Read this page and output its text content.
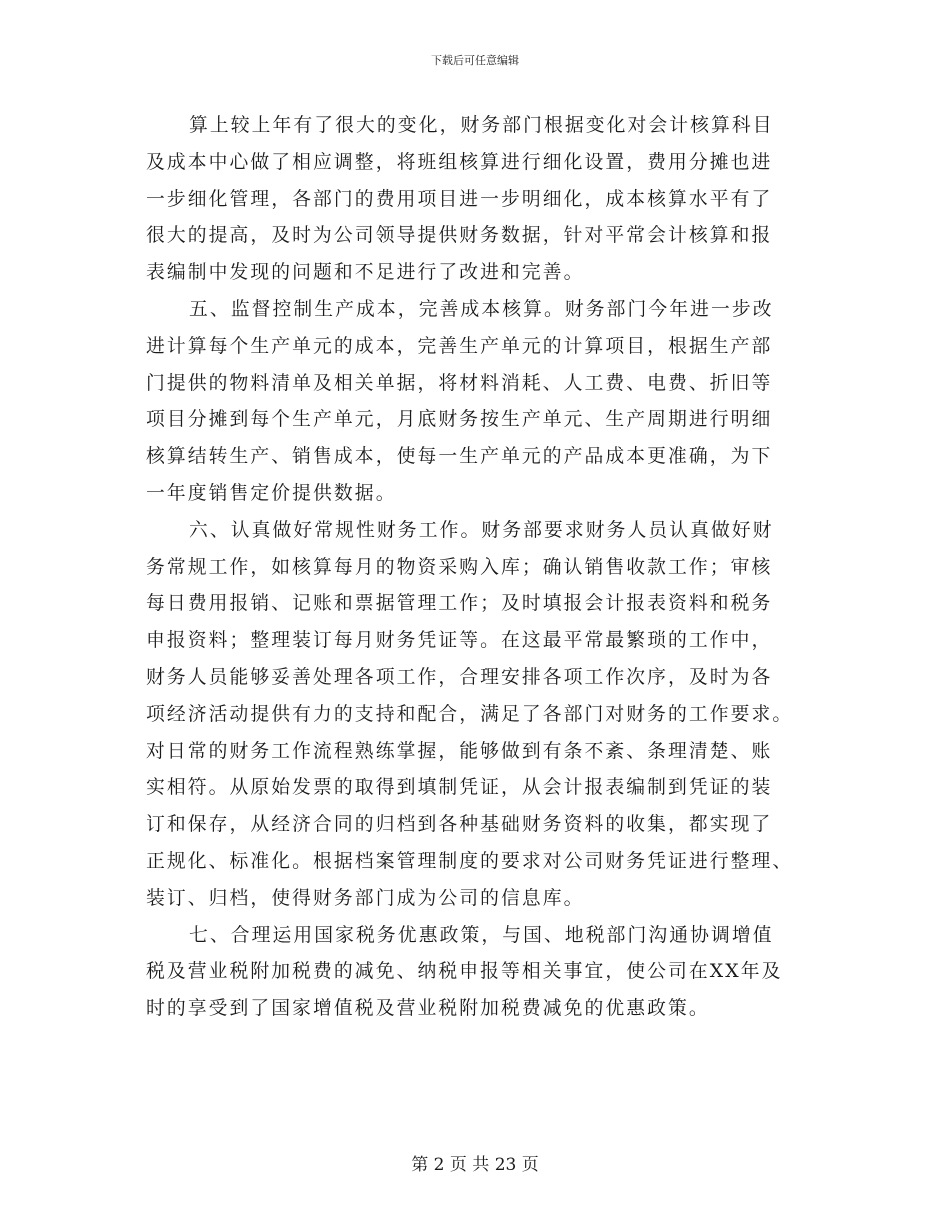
下载后可任意编辑
算上较上年有了很大的变化，财务部门根据变化对会计核算科目
及成本中心做了相应调整，将班组核算进行细化设置，费用分摊也进
一步细化管理，各部门的费用项目进一步明细化，成本核算水平有了
很大的提高，及时为公司领导提供财务数据，针对平常会计核算和报
表编制中发现的问题和不足进行了改进和完善。
五、监督控制生产成本，完善成本核算。财务部门今年进一步改
进计算每个生产单元的成本，完善生产单元的计算项目，根据生产部
门提供的物料清单及相关单据，将材料消耗、人工费、电费、折旧等
项目分摊到每个生产单元，月底财务按生产单元、生产周期进行明细
核算结转生产、销售成本，使每一生产单元的产品成本更准确，为下
一年度销售定价提供数据。
六、认真做好常规性财务工作。财务部要求财务人员认真做好财
务常规工作，如核算每月的物资采购入库；确认销售收款工作；审核
每日费用报销、记账和票据管理工作；及时填报会计报表资料和税务
申报资料；整理装订每月财务凭证等。在这最平常最繁琐的工作中，
财务人员能够妥善处理各项工作，合理安排各项工作次序，及时为各
项经济活动提供有力的支持和配合，满足了各部门对财务的工作要求。
对日常的财务工作流程熟练掌握，能够做到有条不紊、条理清楚、账
实相符。从原始发票的取得到填制凭证，从会计报表编制到凭证的装
订和保存，从经济合同的归档到各种基础财务资料的收集，都实现了
正规化、标准化。根据档案管理制度的要求对公司财务凭证进行整理、
装订、归档，使得财务部门成为公司的信息库。
七、合理运用国家税务优惠政策，与国、地税部门沟通协调增值
税及营业税附加税费的减免、纳税申报等相关事宜，使公司在XX年及
时的享受到了国家增值税及营业税附加税费减免的优惠政策。
第 2 页 共 23 页
